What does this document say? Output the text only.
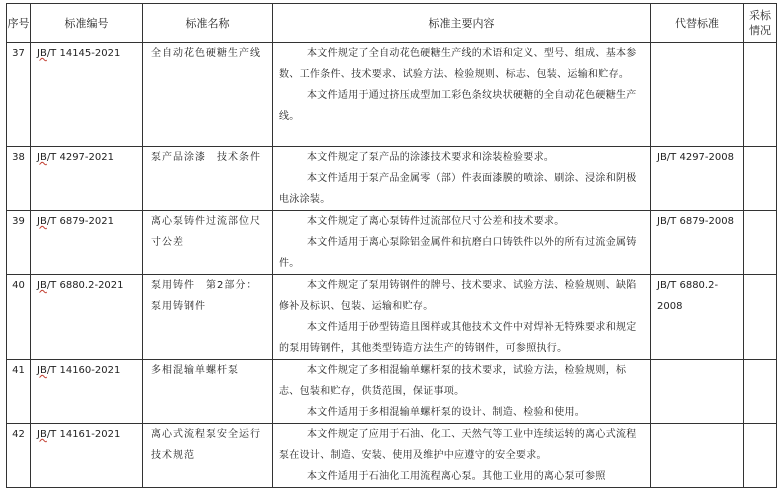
序号	标准编号	标准名称	标准主要内容	代替标准	采标情况
37	JB/T 14145-2021	全自动花色硬糖生产线	本文件规定了全自动花色硬糖生产线的术语和定义、型号、组成、基本参数、工作条件、技术要求、试验方法、检验规则、标志、包装、运输和贮存。

本文件适用于通过挤压成型加工彩色条纹块状硬糖的全自动花色硬糖生产线。		

38	JB/T 4297-2021	泵产品涂漆　技术条件	本文件规定了泵产品的涂漆技术要求和涂装检验要求。

本文件适用于泵产品金属零（部）件表面漆膜的喷涂、刷涂、浸涂和阴极电泳涂装。	JB/T 4297-2008	
39	JB/T 6879-2021	离心泵铸件过流部位尺寸公差	本文件规定了离心泵铸件过流部位尺寸公差和技术要求。

本文件适用于离心泵除铝金属件和抗磨白口铸铁件以外的所有过流金属铸件。	JB/T 6879-2008	
40	JB/T 6880.2-2021	泵用铸件　第2部分：泵用铸钢件	本文件规定了泵用铸钢件的牌号、技术要求、试验方法、检验规则、缺陷修补及标识、包装、运输和贮存。

本文件适用于砂型铸造且图样或其他技术文件中对焊补无特殊要求和规定的泵用铸钢件，其他类型铸造方法生产的铸钢件，可参照执行。	JB/T 6880.2-2008	
41	JB/T 14160-2021	多相混输单螺杆泵	本文件规定了多相混输单螺杆泵的技术要求，试验方法，检验规则，标志、包装和贮存，供货范围，保证事项。

本文件适用于多相混输单螺杆泵的设计、制造、检验和使用。		

42	JB/T 14161-2021	离心式流程泵安全运行技术规范	本文件规定了应用于石油、化工、天然气等工业中连续运转的离心式流程泵在设计、制造、安装、使用及维护中应遵守的安全要求。

本文件适用于石油化工用流程离心泵。其他工业用的离心泵可参照		
